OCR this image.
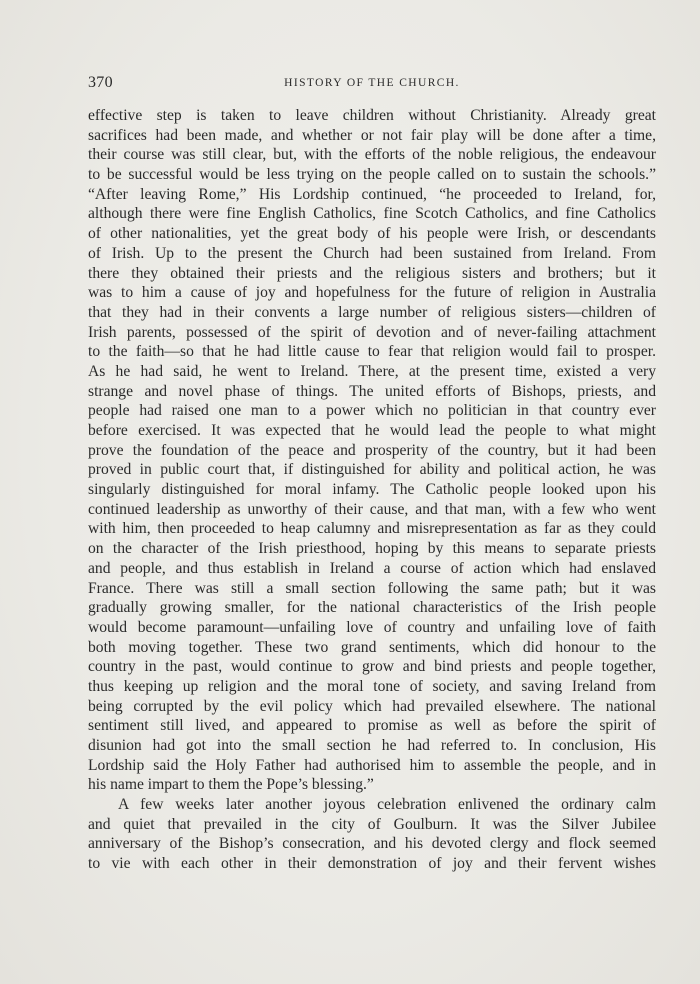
370	HISTORY OF THE CHURCH.
effective step is taken to leave children without Christianity. Already great
sacrifices had been made, and whether or not fair play will be done after a time,
their course was still clear, but, with the efforts of the noble religious, the endeavour
to be successful would be less trying on the people called on to sustain the schools.”
“After leaving Rome,” His Lordship continued, “he proceeded to Ireland, for,
although there were fine English Catholics, fine Scotch Catholics, and fine Catholics
of other nationalities, yet the great body of his people were Irish, or descendants
of Irish. Up to the present the Church had been sustained from Ireland. From
there they obtained their priests and the religious sisters and brothers; but it
was to him a cause of joy and hopefulness for the future of religion in Australia
that they had in their convents a large number of religious sisters—children of
Irish parents, possessed of the spirit of devotion and of never-failing attachment
to the faith—so that he had little cause to fear that religion would fail to prosper.
As he had said, he went to Ireland. There, at the present time, existed a very
strange and novel phase of things. The united efforts of Bishops, priests, and
people had raised one man to a power which no politician in that country ever
before exercised. It was expected that he would lead the people to what might
prove the foundation of the peace and prosperity of the country, but it had been
proved in public court that, if distinguished for ability and political action, he was
singularly distinguished for moral infamy. The Catholic people looked upon his
continued leadership as unworthy of their cause, and that man, with a few who went
with him, then proceeded to heap calumny and misrepresentation as far as they could
on the character of the Irish priesthood, hoping by this means to separate priests
and people, and thus establish in Ireland a course of action which had enslaved
France. There was still a small section following the same path; but it was
gradually growing smaller, for the national characteristics of the Irish people
would become paramount—unfailing love of country and unfailing love of faith
both moving together. These two grand sentiments, which did honour to the
country in the past, would continue to grow and bind priests and people together,
thus keeping up religion and the moral tone of society, and saving Ireland from
being corrupted by the evil policy which had prevailed elsewhere. The national
sentiment still lived, and appeared to promise as well as before the spirit of
disunion had got into the small section he had referred to. In conclusion, His
Lordship said the Holy Father had authorised him to assemble the people, and in
his name impart to them the Pope’s blessing.”
A few weeks later another joyous celebration enlivened the ordinary calm
and quiet that prevailed in the city of Goulburn. It was the Silver Jubilee
anniversary of the Bishop’s consecration, and his devoted clergy and flock seemed
to vie with each other in their demonstration of joy and their fervent wishes
